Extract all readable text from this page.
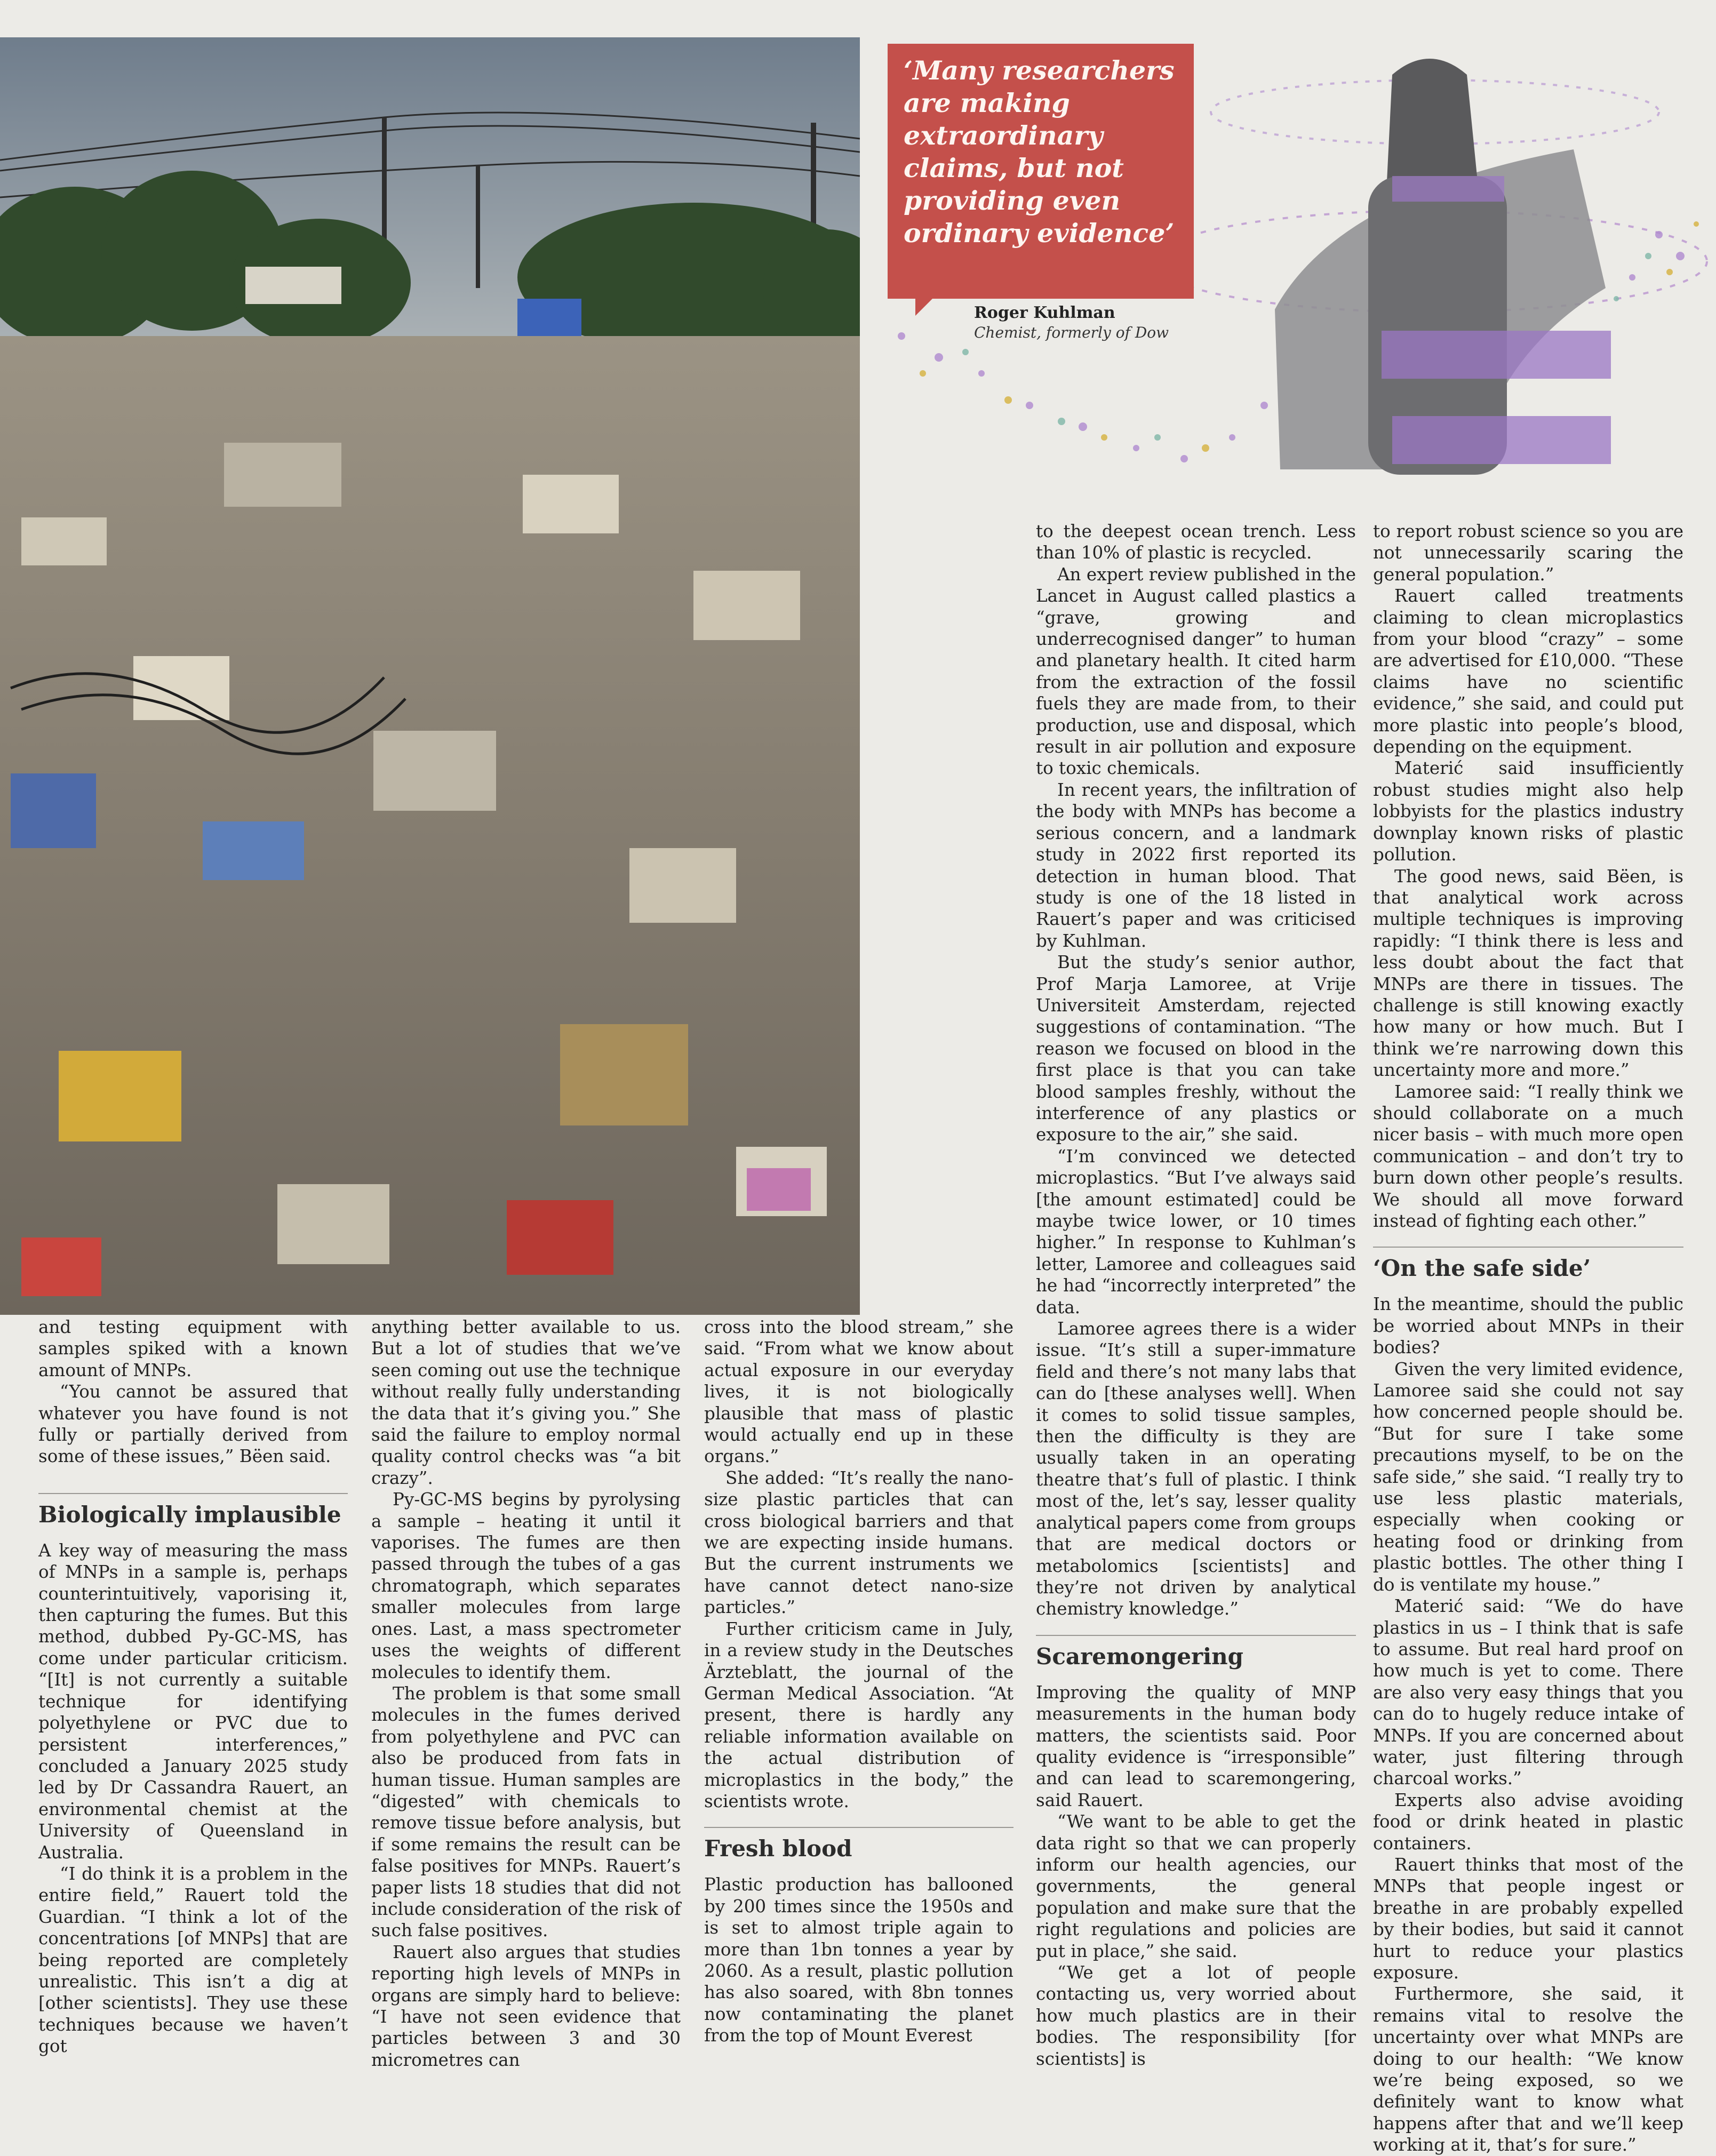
‘Many researchers are making extraordinary claims, but not providing even ordinary evidence’

Roger Kuhlman
Chemist, formerly of Dow

and testing equipment with samples spiked with a known amount of MNPs.

“You cannot be assured that whatever you have found is not fully or partially derived from some of these issues,” Bëen said.

Biologically implausible

A key way of measuring the mass of MNPs in a sample is, perhaps counterintuitively, vaporising it, then capturing the fumes. But this method, dubbed Py-GC-MS, has come under particular criticism. “[It] is not currently a suitable technique for identifying polyethylene or PVC due to persistent interferences,” concluded a January 2025 study led by Dr Cassandra Rauert, an environmental chemist at the University of Queensland in Australia.

“I do think it is a problem in the entire field,” Rauert told the Guardian. “I think a lot of the concentrations [of MNPs] that are being reported are completely unrealistic. This isn’t a dig at [other scientists]. They use these techniques because we haven’t got

anything better available to us. But a lot of studies that we’ve seen coming out use the technique without really fully understanding the data that it’s giving you.” She said the failure to employ normal quality control checks was “a bit crazy”.

Py-GC-MS begins by pyrolysing a sample – heating it until it vaporises. The fumes are then passed through the tubes of a gas chromatograph, which separates smaller molecules from large ones. Last, a mass spectrometer uses the weights of different molecules to identify them.

The problem is that some small molecules in the fumes derived from polyethylene and PVC can also be produced from fats in human tissue. Human samples are “digested” with chemicals to remove tissue before analysis, but if some remains the result can be false positives for MNPs. Rauert’s paper lists 18 studies that did not include consideration of the risk of such false positives.

Rauert also argues that studies reporting high levels of MNPs in organs are simply hard to believe: “I have not seen evidence that particles between 3 and 30 micrometres can

cross into the blood stream,” she said. “From what we know about actual exposure in our everyday lives, it is not biologically plausible that mass of plastic would actually end up in these organs.”

She added: “It’s really the nano-size plastic particles that can cross biological barriers and that we are expecting inside humans. But the current instruments we have cannot detect nano-size particles.”

Further criticism came in July, in a review study in the Deutsches Ärzteblatt, the journal of the German Medical Association. “At present, there is hardly any reliable information available on the actual distribution of microplastics in the body,” the scientists wrote.

Fresh blood

Plastic production has ballooned by 200 times since the 1950s and is set to almost triple again to more than 1bn tonnes a year by 2060. As a result, plastic pollution has also soared, with 8bn tonnes now contaminating the planet from the top of Mount Everest

to the deepest ocean trench. Less than 10% of plastic is recycled.

An expert review published in the Lancet in August called plastics a “grave, growing and underrecognised danger” to human and planetary health. It cited harm from the extraction of the fossil fuels they are made from, to their production, use and disposal, which result in air pollution and exposure to toxic chemicals.

In recent years, the infiltration of the body with MNPs has become a serious concern, and a landmark study in 2022 first reported its detection in human blood. That study is one of the 18 listed in Rauert’s paper and was criticised by Kuhlman.

But the study’s senior author, Prof Marja Lamoree, at Vrije Universiteit Amsterdam, rejected suggestions of contamination. “The reason we focused on blood in the first place is that you can take blood samples freshly, without the interference of any plastics or exposure to the air,” she said.

“I’m convinced we detected microplastics. “But I’ve always said [the amount estimated] could be maybe twice lower, or 10 times higher.” In response to Kuhlman’s letter, Lamoree and colleagues said he had “incorrectly interpreted” the data.

Lamoree agrees there is a wider issue. “It’s still a super-immature field and there’s not many labs that can do [these analyses well]. When it comes to solid tissue samples, then the difficulty is they are usually taken in an operating theatre that’s full of plastic. I think most of the, let’s say, lesser quality analytical papers come from groups that are medical doctors or metabolomics [scientists] and they’re not driven by analytical chemistry knowledge.”

Scaremongering

Improving the quality of MNP measurements in the human body matters, the scientists said. Poor quality evidence is “irresponsible” and can lead to scaremongering, said Rauert.

“We want to be able to get the data right so that we can properly inform our health agencies, our governments, the general population and make sure that the right regulations and policies are put in place,” she said.

“We get a lot of people contacting us, very worried about how much plastics are in their bodies. The responsibility [for scientists] is

to report robust science so you are not unnecessarily scaring the general population.”

Rauert called treatments claiming to clean microplastics from your blood “crazy” – some are advertised for £10,000. “These claims have no scientific evidence,” she said, and could put more plastic into people’s blood, depending on the equipment.

Materić said insufficiently robust studies might also help lobbyists for the plastics industry downplay known risks of plastic pollution.

The good news, said Bëen, is that analytical work across multiple techniques is improving rapidly: “I think there is less and less doubt about the fact that MNPs are there in tissues. The challenge is still knowing exactly how many or how much. But I think we’re narrowing down this uncertainty more and more.”

Lamoree said: “I really think we should collaborate on a much nicer basis – with much more open communication – and don’t try to burn down other people’s results. We should all move forward instead of fighting each other.”

‘On the safe side’

In the meantime, should the public be worried about MNPs in their bodies?

Given the very limited evidence, Lamoree said she could not say how concerned people should be. “But for sure I take some precautions myself, to be on the safe side,” she said. “I really try to use less plastic materials, especially when cooking or heating food or drinking from plastic bottles. The other thing I do is ventilate my house.”

Materić said: “We do have plastics in us – I think that is safe to assume. But real hard proof on how much is yet to come. There are also very easy things that you can do to hugely reduce intake of MNPs. If you are concerned about water, just filtering through charcoal works.”

Experts also advise avoiding food or drink heated in plastic containers.

Rauert thinks that most of the MNPs that people ingest or breathe in are probably expelled by their bodies, but said it cannot hurt to reduce your plastics exposure.

Furthermore, she said, it remains vital to resolve the uncertainty over what MNPs are doing to our health: “We know we’re being exposed, so we definitely want to know what happens after that and we’ll keep working at it, that’s for sure.”
